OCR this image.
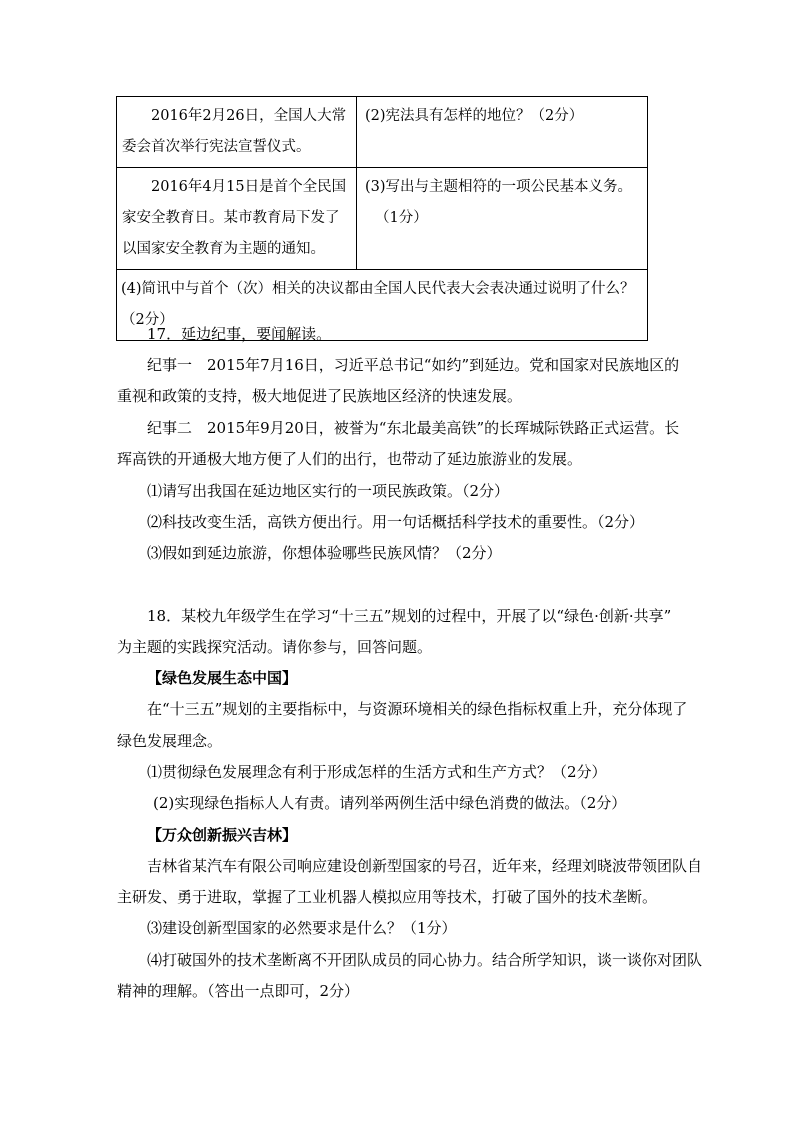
2016年2月26日，全国人大常委会首次举行宪法宣誓仪式。	(2)宪法具有怎样的地位？（2分）
2016年4月15日是首个全民国家安全教育日。某市教育局下发了以国家安全教育为主题的通知。	(3)写出与主题相符的一项公民基本义务。
（1分）

(4)简讯中与首个（次）相关的决议都由全国人民代表大会表决通过说明了什么？
（2分）	
17．延边纪事，要闻解读。
纪事一　2015年7月16日，习近平总书记“如约”到延边。党和国家对民族地区的
重视和政策的支持，极大地促进了民族地区经济的快速发展。
纪事二　2015年9月20日，被誉为“东北最美高铁”的长珲城际铁路正式运营。长
珲高铁的开通极大地方便了人们的出行，也带动了延边旅游业的发展。
⑴请写出我国在延边地区实行的一项民族政策。（2分）
⑵科技改变生活，高铁方便出行。用一句话概括科学技术的重要性。（2分）
⑶假如到延边旅游，你想体验哪些民族风情？（2分）
18．某校九年级学生在学习“十三五”规划的过程中，开展了以“绿色·创新·共享”
为主题的实践探究活动。请你参与，回答问题。
【绿色发展生态中国】
在“十三五”规划的主要指标中，与资源环境相关的绿色指标权重上升，充分体现了
绿色发展理念。
⑴贯彻绿色发展理念有利于形成怎样的生活方式和生产方式？（2分）
(2)实现绿色指标人人有责。请列举两例生活中绿色消费的做法。（2分）
【万众创新振兴吉林】
吉林省某汽车有限公司响应建设创新型国家的号召，近年来，经理刘晓波带领团队自
主研发、勇于进取，掌握了工业机器人模拟应用等技术，打破了国外的技术垄断。
⑶建设创新型国家的必然要求是什么？（1分）
⑷打破国外的技术垄断离不开团队成员的同心协力。结合所学知识，谈一谈你对团队
精神的理解。（答出一点即可，2分）
